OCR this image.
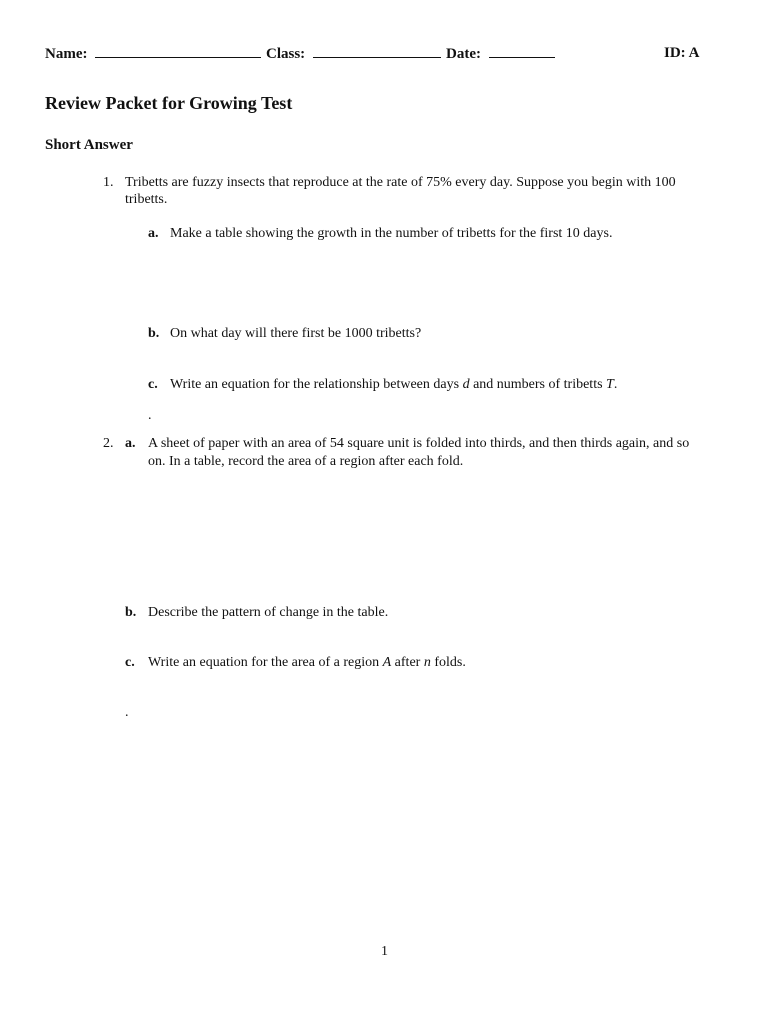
Name:	Class:	Date:	ID: A
Review Packet for Growing Test
Short Answer
1. Tribetts are fuzzy insects that reproduce at the rate of 75% every day. Suppose you begin with 100
tribetts.
a. Make a table showing the growth in the number of tribetts for the first 10 days.
b. On what day will there first be 1000 tribetts?
c. Write an equation for the relationship between days d and numbers of tribetts T.
.
2. a. A sheet of paper with an area of 54 square unit is folded into thirds, and then thirds again, and so
on. In a table, record the area of a region after each fold.
b. Describe the pattern of change in the table.
c. Write an equation for the area of a region A after n folds.
.
1
